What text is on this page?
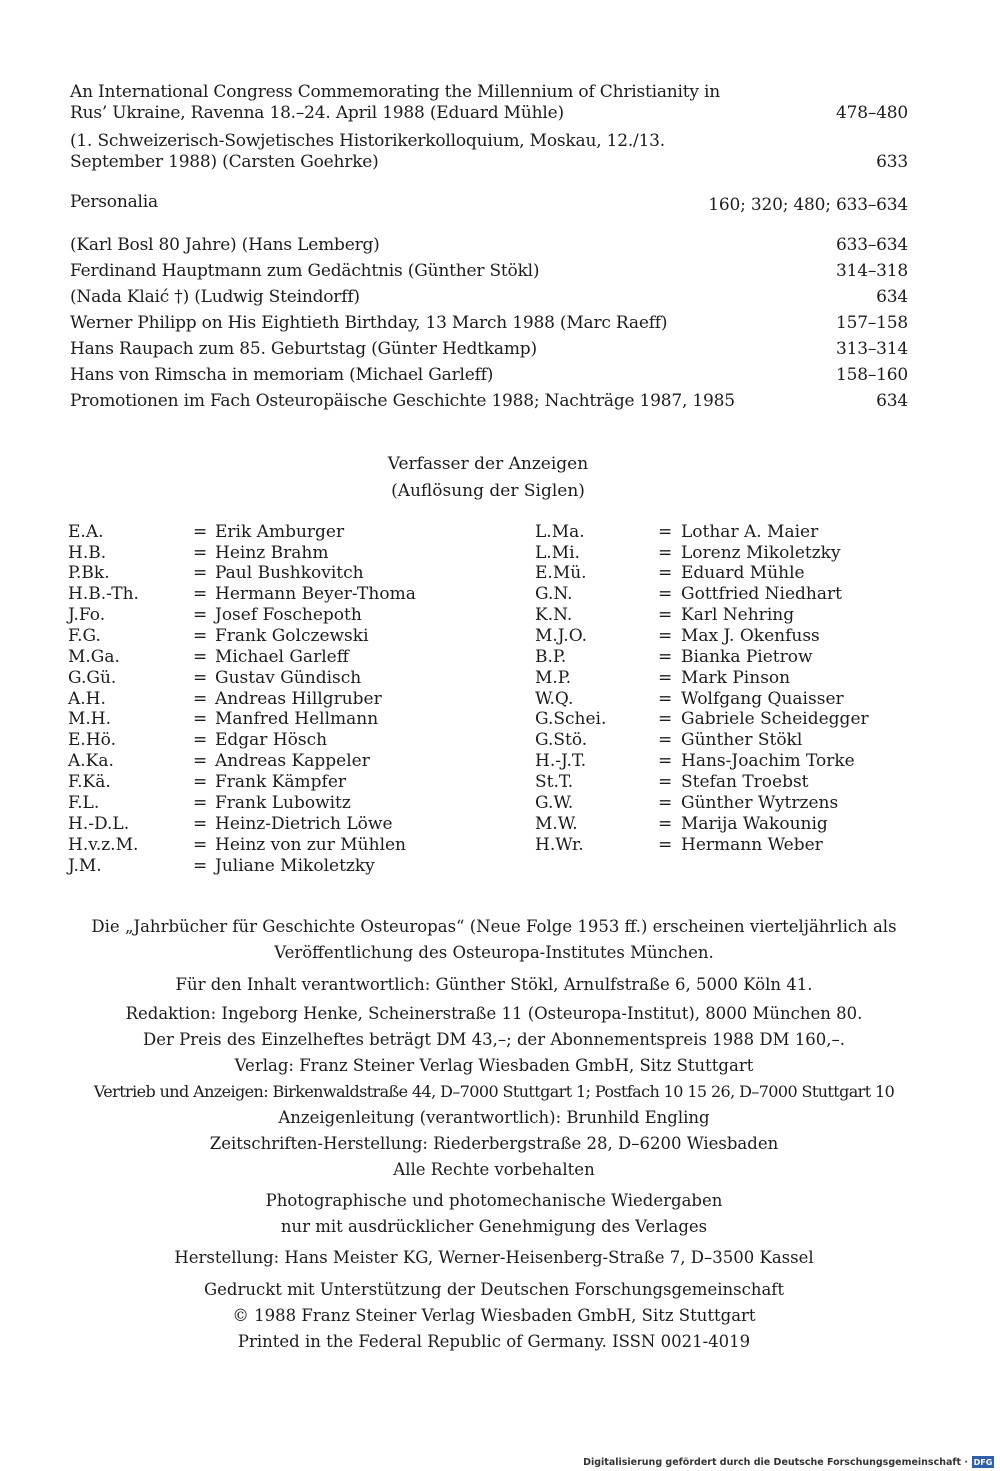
An International Congress Commemorating the Millennium of Christianity in Rus’ Ukraine, Ravenna 18.–24. April 1988 (Eduard Mühle)	478–480
(1. Schweizerisch-Sowjetisches Historikerkolloquium, Moskau, 12./13. September 1988) (Carsten Goehrke)	633
Personalia	160; 320; 480; 633–634
(Karl Bosl 80 Jahre) (Hans Lemberg)	633–634
Ferdinand Hauptmann zum Gedächtnis (Günther Stökl)	314–318
(Nada Klaić †) (Ludwig Steindorff)	634
Werner Philipp on His Eightieth Birthday, 13 March 1988 (Marc Raeff)	157–158
Hans Raupach zum 85. Geburtstag (Günter Hedtkamp)	313–314
Hans von Rimscha in memoriam (Michael Garleff)	158–160
Promotionen im Fach Osteuropäische Geschichte 1988; Nachträge 1987, 1985	634
Verfasser der Anzeigen
(Auflösung der Siglen)
E.A.	= Erik Amburger
H.B.	= Heinz Brahm
P.Bk.	= Paul Bushkovitch
H.B.-Th.	= Hermann Beyer-Thoma
J.Fo.	= Josef Foschepoth
F.G.	= Frank Golczewski
M.Ga.	= Michael Garleff
G.Gü.	= Gustav Gündisch
A.H.	= Andreas Hillgruber
M.H.	= Manfred Hellmann
E.Hö.	= Edgar Hösch
A.Ka.	= Andreas Kappeler
F.Kä.	= Frank Kämpfer
F.L.	= Frank Lubowitz
H.-D.L.	= Heinz-Dietrich Löwe
H.v.z.M.	= Heinz von zur Mühlen
J.M.	= Juliane Mikoletzky
L.Ma.	= Lothar A. Maier
L.Mi.	= Lorenz Mikoletzky
E.Mü.	= Eduard Mühle
G.N.	= Gottfried Niedhart
K.N.	= Karl Nehring
M.J.O.	= Max J. Okenfuss
B.P.	= Bianka Pietrow
M.P.	= Mark Pinson
W.Q.	= Wolfgang Quaisser
G.Schei.	= Gabriele Scheidegger
G.Stö.	= Günther Stökl
H.-J.T.	= Hans-Joachim Torke
St.T.	= Stefan Troebst
G.W.	= Günther Wytrzens
M.W.	= Marija Wakounig
H.Wr.	= Hermann Weber
Die „Jahrbücher für Geschichte Osteuropas“ (Neue Folge 1953 ff.) erscheinen vierteljährlich als
Veröffentlichung des Osteuropa-Institutes München.
Für den Inhalt verantwortlich: Günther Stökl, Arnulfstraße 6, 5000 Köln 41.
Redaktion: Ingeborg Henke, Scheinerstraße 11 (Osteuropa-Institut), 8000 München 80.
Der Preis des Einzelheftes beträgt DM 43,–; der Abonnementspreis 1988 DM 160,–.
Verlag: Franz Steiner Verlag Wiesbaden GmbH, Sitz Stuttgart
Vertrieb und Anzeigen: Birkenwaldstraße 44, D–7000 Stuttgart 1; Postfach 10 15 26, D–7000 Stuttgart 10
Anzeigenleitung (verantwortlich): Brunhild Engling
Zeitschriften-Herstellung: Riederbergstraße 28, D–6200 Wiesbaden
Alle Rechte vorbehalten
Photographische und photomechanische Wiedergaben
nur mit ausdrücklicher Genehmigung des Verlages
Herstellung: Hans Meister KG, Werner-Heisenberg-Straße 7, D–3500 Kassel
Gedruckt mit Unterstützung der Deutschen Forschungsgemeinschaft
© 1988 Franz Steiner Verlag Wiesbaden GmbH, Sitz Stuttgart
Printed in the Federal Republic of Germany. ISSN 0021-4019
Digitalisierung gefördert durch die Deutsche Forschungsgemeinschaft · DFG
